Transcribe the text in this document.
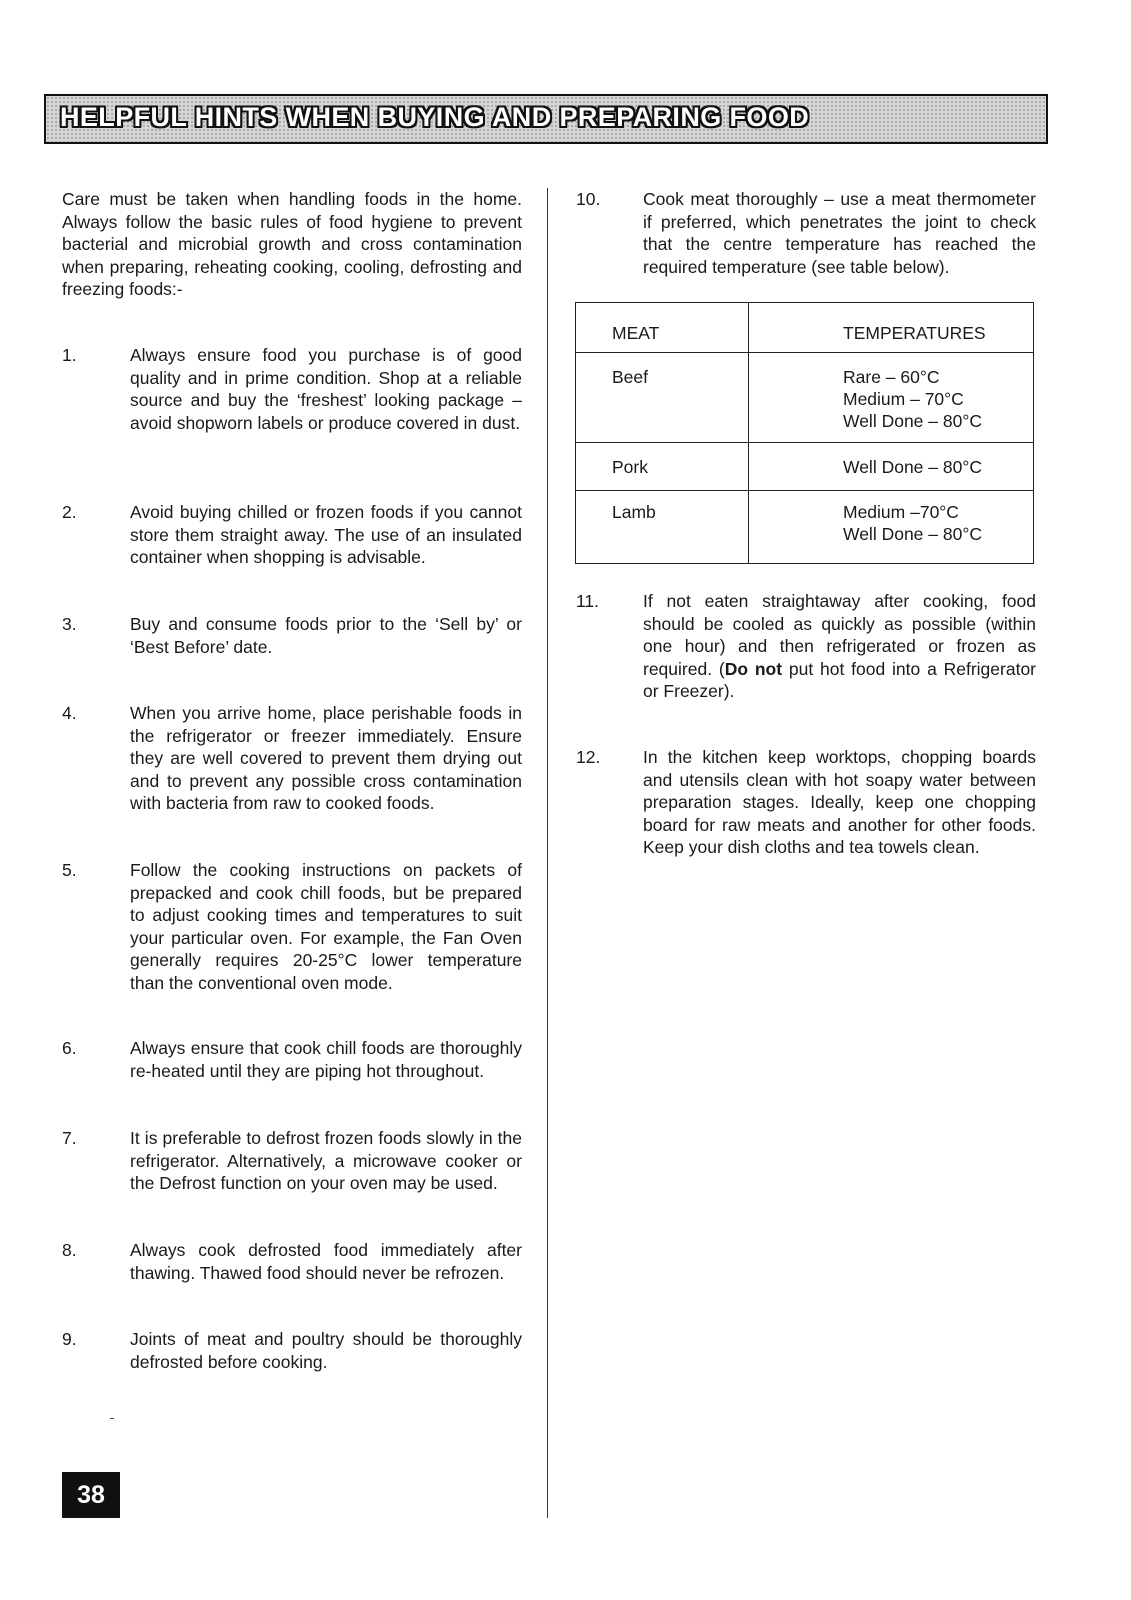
HELPFUL HINTS WHEN BUYING AND PREPARING FOOD
Care must be taken when handling foods in the home. Always follow the basic rules of food hygiene to prevent bacterial and microbial growth and cross contamination when preparing, reheating cooking, cooling, defrosting and freezing foods:-
1.	Always ensure food you purchase is of good quality and in prime condition. Shop at a reliable source and buy the ‘freshest’ looking package – avoid shopworn labels or produce covered in dust.
2.	Avoid buying chilled or frozen foods if you cannot store them straight away. The use of an insulated container when shopping is advisable.
3.	Buy and consume foods prior to the ‘Sell by’ or ‘Best Before’ date.
4.	When you arrive home, place perishable foods in the refrigerator or freezer immediately. Ensure they are well covered to prevent them drying out and to prevent any possible cross contamination with bacteria from raw to cooked foods.
5.	Follow the cooking instructions on packets of prepacked and cook chill foods, but be prepared to adjust cooking times and temperatures to suit your particular oven. For example, the Fan Oven generally requires 20-25°C lower temperature than the conventional oven mode.
6.	Always ensure that cook chill foods are thoroughly re-heated until they are piping hot throughout.
7.	It is preferable to defrost frozen foods slowly in the refrigerator. Alternatively, a microwave cooker or the Defrost function on your oven may be used.
8.	Always cook defrosted food immediately after thawing. Thawed food should never be refrozen.
9.	Joints of meat and poultry should be thoroughly defrosted before cooking.
10. Cook meat thoroughly – use a meat thermometer if preferred, which penetrates the joint to check that the centre temperature has reached the required temperature (see table below).
MEAT	TEMPERATURES
Beef	Rare – 60°C
Medium – 70°C
Well Done – 80°C
Pork	Well Done – 80°C
Lamb	Medium –70°C
Well Done – 80°C
11.	If not eaten straightaway after cooking, food should be cooled as quickly as possible (within one hour) and then refrigerated or frozen as required. (Do not put hot food into a Refrigerator or Freezer).
12. In the kitchen keep worktops, chopping boards and utensils clean with hot soapy water between preparation stages. Ideally, keep one chopping board for raw meats and another for other foods. Keep your dish cloths and tea towels clean.
38
